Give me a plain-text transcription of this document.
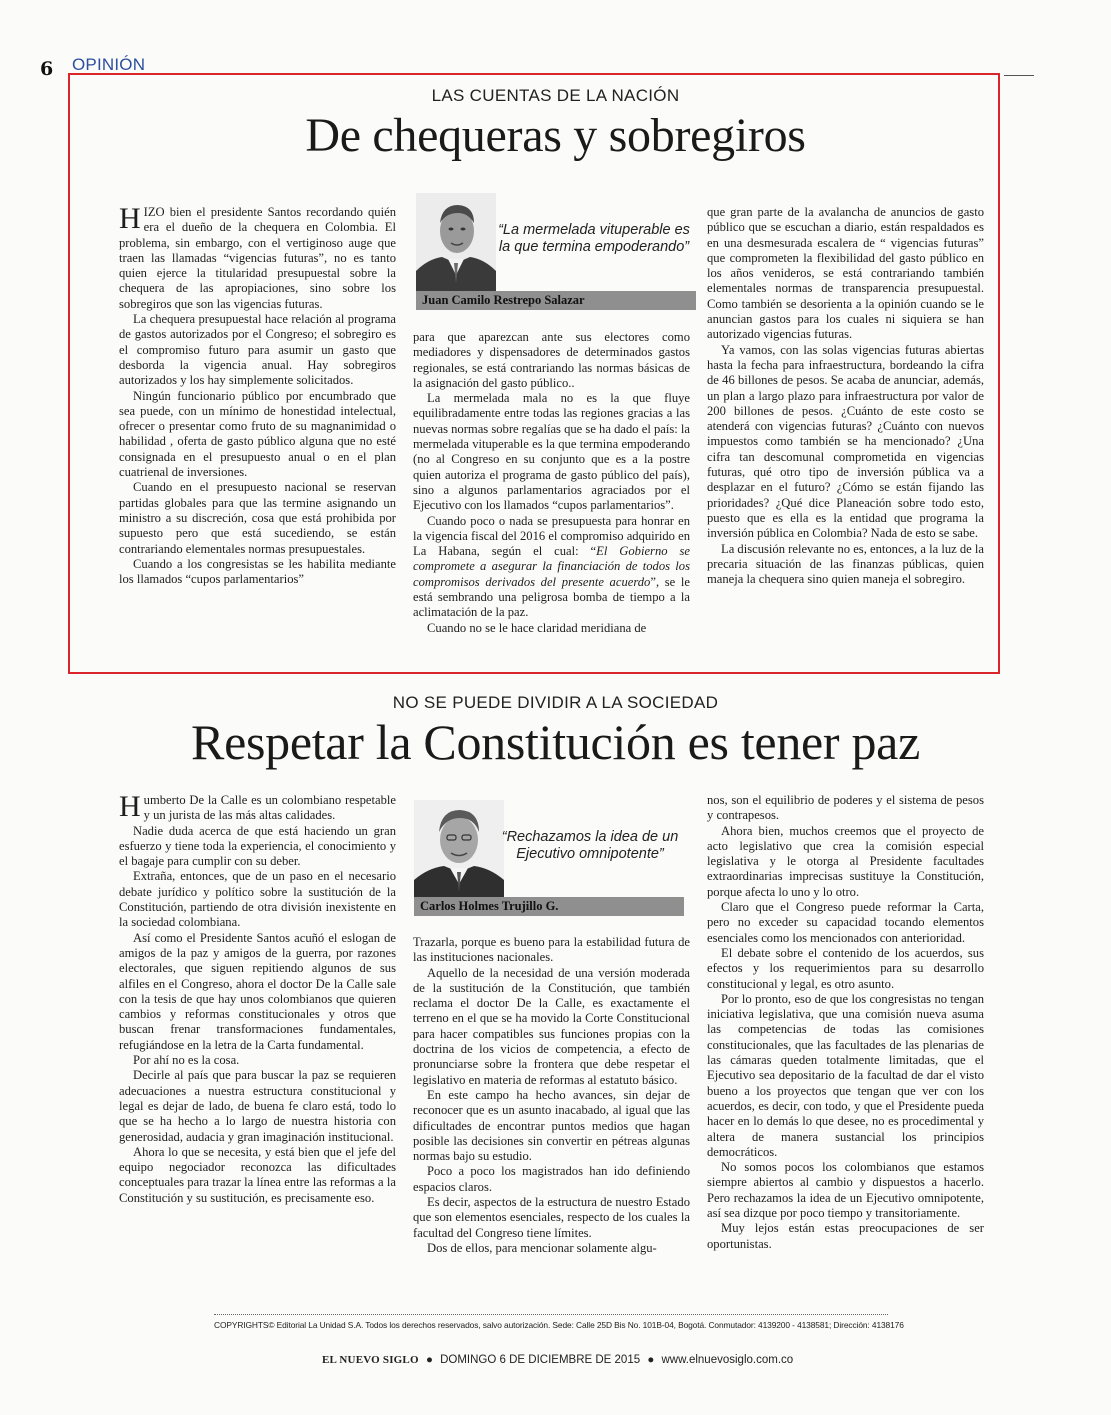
6 OPINIÓN
LAS CUENTAS DE LA NACIÓN
De chequeras y sobregiros

HIZO bien el presidente Santos recordando quién era el dueño de la chequera en Colombia. El problema, sin embargo, con el vertiginoso auge que traen las llamadas “vigencias futuras”, no es tanto quien ejerce la titularidad presupuestal sobre la chequera de las apropiaciones, sino sobre los sobregiros que son las vigencias futuras.

La chequera presupuestal hace relación al programa de gastos autorizados por el Congreso; el sobregiro es el compromiso futuro para asumir un gasto que desborda la vigencia anual. Hay sobregiros autorizados y los hay simplemente solicitados.

Ningún funcionario público por encumbrado que sea puede, con un mínimo de honestidad intelectual, ofrecer o presentar como fruto de su magnanimidad o habilidad , oferta de gasto público alguna que no esté consignada en el presupuesto anual o en el plan cuatrienal de inversiones.

Cuando en el presupuesto nacional se reservan partidas globales para que las termine asignando un ministro a su discreción, cosa que está prohibida por supuesto pero que está sucediendo, se están contrariando elementales normas presupuestales.

Cuando a los congresistas se les habilita mediante los llamados “cupos parlamentarios”

“La mermelada vituperable es la que termina empoderando”
Juan Camilo Restrepo Salazar

para que aparezcan ante sus electores como mediadores y dispensadores de determinados gastos regionales, se está contrariando las normas básicas de la asignación del gasto público..

La mermelada mala no es la que fluye equilibradamente entre todas las regiones gracias a las nuevas normas sobre regalías que se ha dado el país: la mermelada vituperable es la que termina empoderando (no al Congreso en su conjunto que es a la postre quien autoriza el programa de gasto público del país), sino a algunos parlamentarios agraciados por el Ejecutivo con los llamados “cupos parlamentarios”.

Cuando poco o nada se presupuesta para honrar en la vigencia fiscal del 2016 el compromiso adquirido en La Habana, según el cual: “El Gobierno se compromete a asegurar la financiación de todos los compromisos derivados del presente acuerdo”, se le está sembrando una peligrosa bomba de tiempo a la aclimatación de la paz.

Cuando no se le hace claridad meridiana de

que gran parte de la avalancha de anuncios de gasto público que se escuchan a diario, están respaldados es en una desmesurada escalera de “ vigencias futuras” que comprometen la flexibilidad del gasto público en los años venideros, se está contrariando también elementales normas de transparencia presupuestal. Como también se desorienta a la opinión cuando se le anuncian gastos para los cuales ni siquiera se han autorizado vigencias futuras.

Ya vamos, con las solas vigencias futuras abiertas hasta la fecha para infraestructura, bordeando la cifra de 46 billones de pesos. Se acaba de anunciar, además, un plan a largo plazo para infraestructura por valor de 200 billones de pesos. ¿Cuánto de este costo se atenderá con vigencias futuras? ¿Cuánto con nuevos impuestos como también se ha mencionado? ¿Una cifra tan descomunal comprometida en vigencias futuras, qué otro tipo de inversión pública va a desplazar en el futuro? ¿Cómo se están fijando las prioridades? ¿Qué dice Planeación sobre todo esto, puesto que es ella es la entidad que programa la inversión pública en Colombia? Nada de esto se sabe.

La discusión relevante no es, entonces, a la luz de la precaria situación de las finanzas públicas, quien maneja la chequera sino quien maneja el sobregiro.

NO SE PUEDE DIVIDIR A LA SOCIEDAD
Respetar la Constitución es tener paz

Humberto De la Calle es un colombiano respetable y un jurista de las más altas calidades.

Nadie duda acerca de que está haciendo un gran esfuerzo y tiene toda la experiencia, el conocimiento y el bagaje para cumplir con su deber.

Extraña, entonces, que de un paso en el necesario debate jurídico y político sobre la sustitución de la Constitución, partiendo de otra división inexistente en la sociedad colombiana.

Así como el Presidente Santos acuñó el eslogan de amigos de la paz y amigos de la guerra, por razones electorales, que siguen repitiendo algunos de sus alfiles en el Congreso, ahora el doctor De la Calle sale con la tesis de que hay unos colombianos que quieren cambios y reformas constitucionales y otros que buscan frenar transformaciones fundamentales, refugiándose en la letra de la Carta fundamental.

Por ahí no es la cosa.

Decirle al país que para buscar la paz se requieren adecuaciones a nuestra estructura constitucional y legal es dejar de lado, de buena fe claro está, todo lo que se ha hecho a lo largo de nuestra historia con generosidad, audacia y gran imaginación institucional.

Ahora lo que se necesita, y está bien que el jefe del equipo negociador reconozca las dificultades conceptuales para trazar la línea entre las reformas a la Constitución y su sustitución, es precisamente eso.

“Rechazamos la idea de un Ejecutivo omnipotente”
Carlos Holmes Trujillo G.

Trazarla, porque es bueno para la estabilidad futura de las instituciones nacionales.

Aquello de la necesidad de una versión moderada de la sustitución de la Constitución, que también reclama el doctor De la Calle, es exactamente el terreno en el que se ha movido la Corte Constitucional para hacer compatibles sus funciones propias con la doctrina de los vicios de competencia, a efecto de pronunciarse sobre la frontera que debe respetar el legislativo en materia de reformas al estatuto básico.

En este campo ha hecho avances, sin dejar de reconocer que es un asunto inacabado, al igual que las dificultades de encontrar puntos medios que hagan posible las decisiones sin convertir en pétreas algunas normas bajo su estudio.

Poco a poco los magistrados han ido definiendo espacios claros.

Es decir, aspectos de la estructura de nuestro Estado que son elementos esenciales, respecto de los cuales la facultad del Congreso tiene límites.

Dos de ellos, para mencionar solamente algu-

nos, son el equilibrio de poderes y el sistema de pesos y contrapesos.

Ahora bien, muchos creemos que el proyecto de acto legislativo que crea la comisión especial legislativa y le otorga al Presidente facultades extraordinarias imprecisas sustituye la Constitución, porque afecta lo uno y lo otro.

Claro que el Congreso puede reformar la Carta, pero no exceder su capacidad tocando elementos esenciales como los mencionados con anterioridad.

El debate sobre el contenido de los acuerdos, sus efectos y los requerimientos para su desarrollo constitucional y legal, es otro asunto.

Por lo pronto, eso de que los congresistas no tengan iniciativa legislativa, que una comisión nueva asuma las competencias de todas las comisiones constitucionales, que las facultades de las plenarias de las cámaras queden totalmente limitadas, que el Ejecutivo sea depositario de la facultad de dar el visto bueno a los proyectos que tengan que ver con los acuerdos, es decir, con todo, y que el Presidente pueda hacer en lo demás lo que desee, no es procedimental y altera de manera sustancial los principios democráticos.

No somos pocos los colombianos que estamos siempre abiertos al cambio y dispuestos a hacerlo. Pero rechazamos la idea de un Ejecutivo omnipotente, así sea dizque por poco tiempo y transitoriamente.

Muy lejos están estas preocupaciones de ser oportunistas.

COPYRIGHTS© Editorial La Unidad S.A. Todos los derechos reservados, salvo autorización. Sede: Calle 25D Bis No. 101B-04, Bogotá. Conmutador: 4139200 - 4138581; Dirección: 4138176
EL NUEVO SIGLO ● DOMINGO 6 DE DICIEMBRE DE 2015 ● www.elnuevosiglo.com.co
